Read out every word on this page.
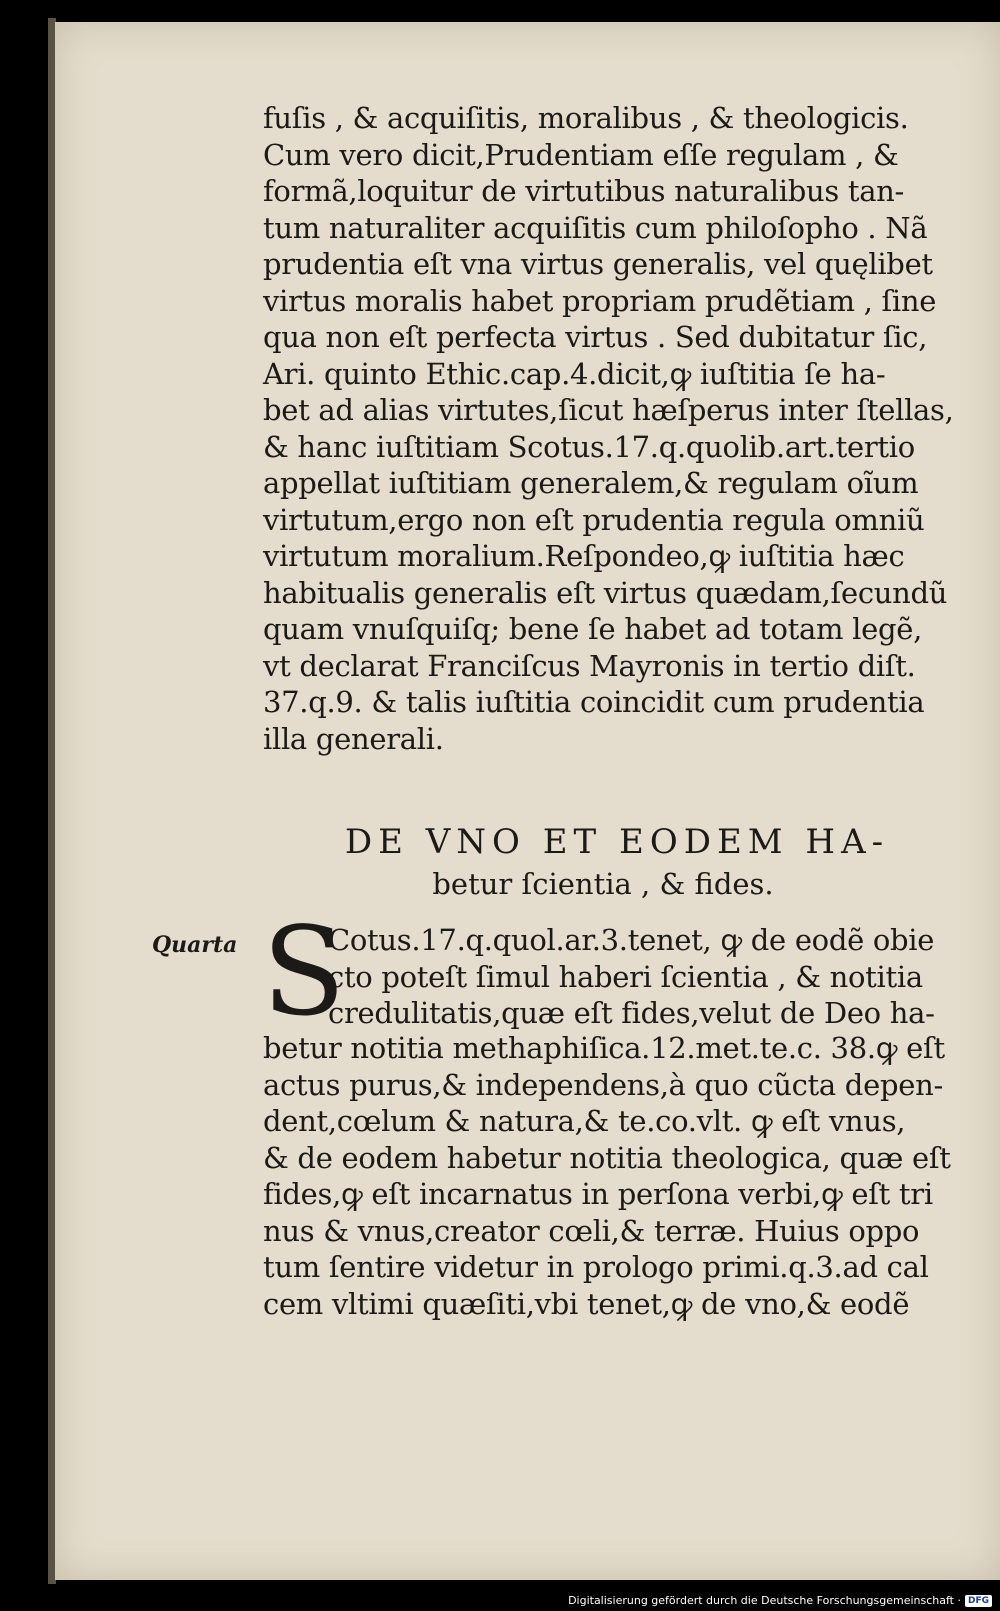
fuſis , & acquiſitis, moralibus , & theologicis.
Cum vero dicit,Prudentiam eſſe regulam , &
formã,loquitur de virtutibus naturalibus tan-
tum naturaliter acquiſitis cum philoſopho . Nã
prudentia eſt vna virtus generalis, vel quęlibet
virtus moralis habet propriam prudẽtiam , ſine
qua non eſt perfecta virtus . Sed dubitatur ſic,
Ari. quinto Ethic.cap.4.dicit,ꝙ iuſtitia ſe ha-
bet ad alias virtutes,ſicut hæſperus inter ſtellas,
& hanc iuſtitiam Scotus.17.q.quolib.art.tertio
appellat iuſtitiam generalem,& regulam oĩum
virtutum,ergo non eſt prudentia regula omniũ
virtutum moralium.Reſpondeo,ꝙ iuſtitia hæc
habitualis generalis eſt virtus quædam,ſecundũ
quam vnuſquiſq; bene ſe habet ad totam legẽ,
vt declarat Franciſcus Mayronis in tertio diſt.
37.q.9. & talis iuſtitia coincidit cum prudentia
illa generali.
DE VNO ET EODEM HA-
betur ſcientia , & fides.
Quarta S
Cotus.17.q.quol.ar.3.tenet, ꝙ de eodẽ obie
cto poteſt ſimul haberi ſcientia , & notitia
credulitatis,quæ eſt fides,velut de Deo ha-
betur notitia methaphiſica.12.met.te.c. 38.ꝙ eſt
actus purus,& independens,à quo cũcta depen-
dent,cœlum & natura,& te.co.vlt. ꝙ eſt vnus,
& de eodem habetur notitia theologica, quæ eſt
fides,ꝙ eſt incarnatus in perſona verbi,ꝙ eſt tri
nus & vnus,creator cœli,& terræ. Huius oppo
tum ſentire videtur in prologo primi.q.3.ad cal
cem vltimi quæſiti,vbi tenet,ꝙ de vno,& eodẽ
Digitalisierung gefördert durch die Deutsche Forschungsgemeinschaft · DFG
